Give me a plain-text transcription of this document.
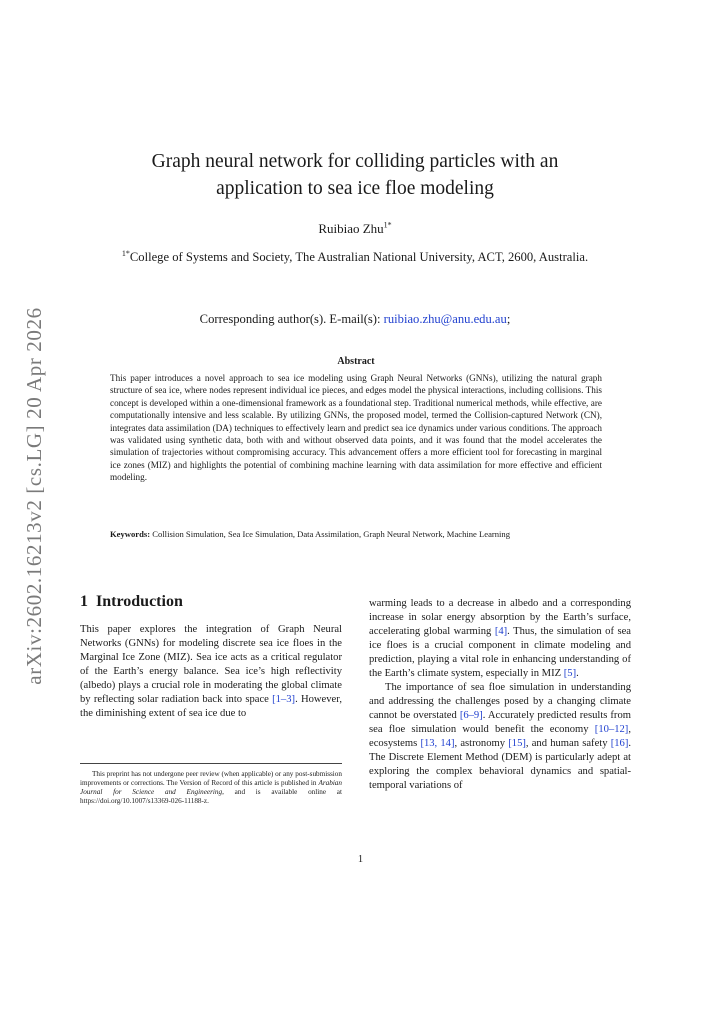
arXiv:2602.16213v2 [cs.LG] 20 Apr 2026
Graph neural network for colliding particles with an
application to sea ice floe modeling
Ruibiao Zhu$^{1*}$
$^{1*}$College of Systems and Society, The Australian National University, ACT, 2600, Australia.
Corresponding author(s). E-mail(s): ruibiao.zhu@anu.edu.au;
Abstract
This paper introduces a novel approach to sea ice modeling using Graph Neural Networks (GNNs), utilizing the natural graph structure of sea ice, where nodes represent individual ice pieces, and edges model the physical interactions, including collisions. This concept is developed within a one-dimensional framework as a foundational step. Traditional numerical methods, while effective, are computationally intensive and less scalable. By utilizing GNNs, the proposed model, termed the Collision-captured Network (CN), integrates data assimilation (DA) techniques to effectively learn and predict sea ice dynamics under various conditions. The approach was validated using synthetic data, both with and without observed data points, and it was found that the model accelerates the simulation of trajectories without compromising accuracy. This advancement offers a more efficient tool for forecasting in marginal ice zones (MIZ) and highlights the potential of combining machine learning with data assimilation for more effective and efficient modeling.
Keywords: Collision Simulation, Sea Ice Simulation, Data Assimilation, Graph Neural Network, Machine Learning
1 Introduction

This paper explores the integration of Graph Neural Networks (GNNs) for modeling discrete sea ice floes in the Marginal Ice Zone (MIZ). Sea ice acts as a critical regulator of the Earth’s energy balance. Sea ice’s high reflectivity (albedo) plays a crucial role in moderating the global climate by reflecting solar radiation back into space [1–3]. However, the diminishing extent of sea ice due to

warming leads to a decrease in albedo and a corresponding increase in solar energy absorption by the Earth’s surface, accelerating global warming [4]. Thus, the simulation of sea ice floes is a crucial component in climate modeling and prediction, playing a vital role in enhancing understanding of the Earth’s climate system, especially in MIZ [5].

The importance of sea floe simulation in understanding and addressing the challenges posed by a changing climate cannot be overstated [6–9]. Accurately predicted results from sea floe simulation would benefit the economy [10–12], ecosystems [13, 14], astronomy [15], and human safety [16]. The Discrete Element Method (DEM) is particularly adept at exploring the complex behavioral dynamics and spatial-temporal variations of

This preprint has not undergone peer review (when applicable) or any post-submission improvements or corrections. The Version of Record of this article is published in Arabian Journal for Science and Engineering, and is available online at https://doi.org/10.1007/s13369-026-11188-z.
1
